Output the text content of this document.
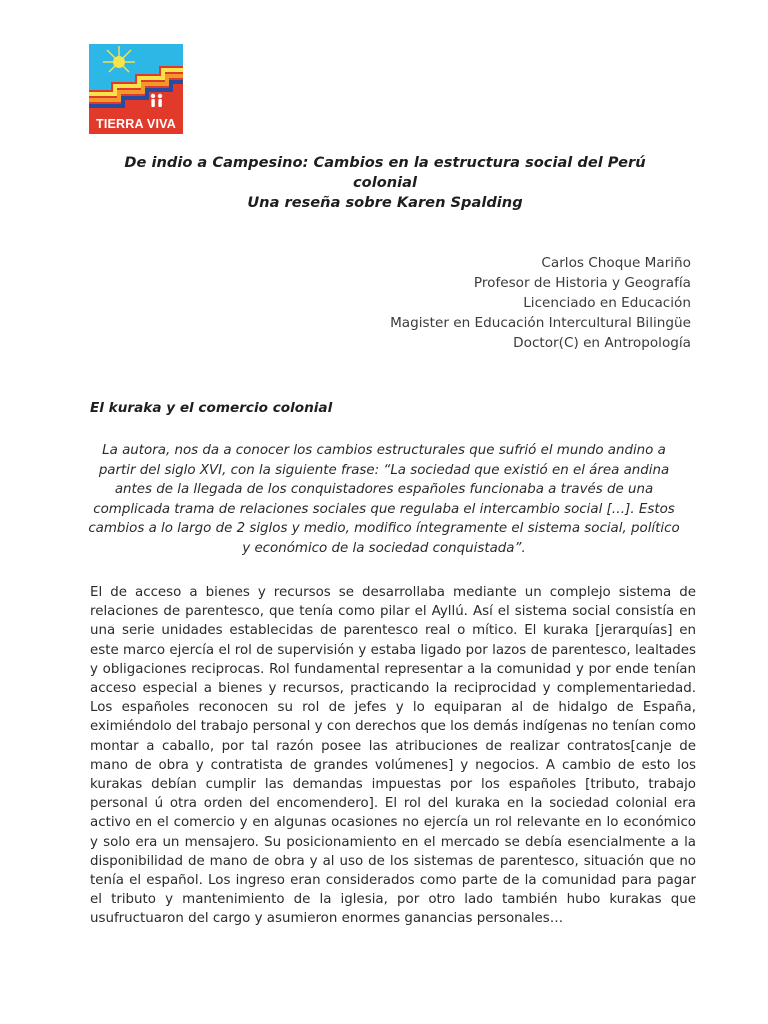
TIERRA VIVA
De indio a Campesino: Cambios en la estructura social del Perú
colonial
Una reseña sobre Karen Spalding
Carlos Choque Mariño
Profesor de Historia y Geografía
Licenciado en Educación
Magister en Educación Intercultural Bilingüe
Doctor(C) en Antropología
El kuraka y el comercio colonial
La autora, nos da a conocer los cambios estructurales que sufrió el mundo andino a partir del siglo XVI, con la siguiente frase: “La sociedad que existió en el área andina antes de la llegada de los conquistadores españoles funcionaba a través de una complicada trama de relaciones sociales que regulaba el intercambio social […]. Estos cambios a lo largo de 2 siglos y medio, modifico íntegramente el sistema social, político y económico de la sociedad conquistada”.
El de acceso a bienes y recursos se desarrollaba mediante un complejo sistema de relaciones de parentesco, que tenía como pilar el Ayllú. Así el sistema social consistía en una serie unidades establecidas de parentesco real o mítico. El kuraka [jerarquías] en este marco ejercía el rol de supervisión y estaba ligado por lazos de parentesco, lealtades y obligaciones reciprocas. Rol fundamental representar a la comunidad y por ende tenían acceso especial a bienes y recursos, practicando la reciprocidad y complementariedad. Los españoles reconocen su rol de jefes y lo equiparan al de hidalgo de España, eximiéndolo del trabajo personal y con derechos que los demás indígenas no tenían como montar a caballo, por tal razón posee las atribuciones de realizar contratos[canje de mano de obra y contratista de grandes volúmenes] y negocios. A cambio de esto los kurakas debían cumplir las demandas impuestas por los españoles [tributo, trabajo personal ú otra orden del encomendero]. El rol del kuraka en la sociedad colonial era activo en el comercio y en algunas ocasiones no ejercía un rol relevante en lo económico y solo era un mensajero. Su posicionamiento en el mercado se debía esencialmente a la disponibilidad de mano de obra y al uso de los sistemas de parentesco, situación que no tenía el español. Los ingreso eran considerados como parte de la comunidad para pagar el tributo y mantenimiento de la iglesia, por otro lado también hubo kurakas que usufructuaron del cargo y asumieron enormes ganancias personales…
